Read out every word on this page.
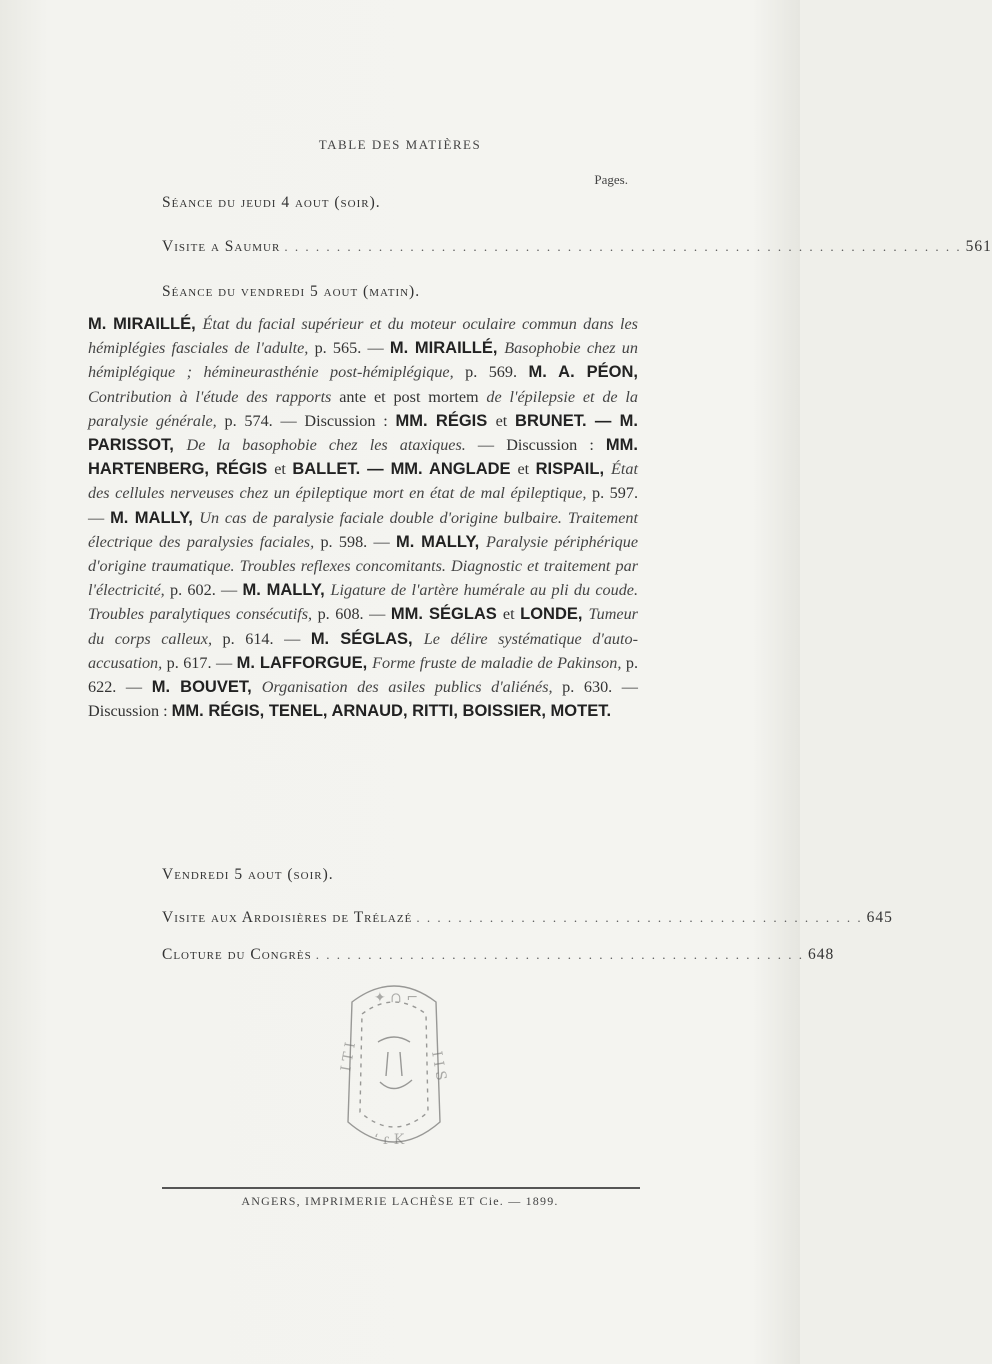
TABLE DES MATIÈRES
Pages.
Séance du jeudi 4 aout (soir).
Visite a Saumur . . . . . . . . . . . . . . . . . . . . . . . . . . . . . . . . . . . . . . . . . . . . . . . . . . . . . . . . . . . . . . . . . 561
Séance du vendredi 5 aout (matin).
M. MIRAILLÉ, État du facial supérieur et du moteur oculaire commun dans les hémiplégies fasciales de l'adulte, p. 565. — M. MIRAILLÉ, Basophobie chez un hémiplégique ; hémineurasthénie post-hémiplégique, p. 569. M. A. PÉON, Contribution à l'étude des rapports ante et post mortem de l'épilepsie et de la paralysie générale, p. 574. — Discussion : MM. RÉGIS et BRUNET. — M. PARISSOT, De la basophobie chez les ataxiques. — Discussion : MM. HARTENBERG, RÉGIS et BALLET. — MM. ANGLADE et RISPAIL, État des cellules nerveuses chez un épileptique mort en état de mal épileptique, p. 597. — M. MALLY, Un cas de paralysie faciale double d'origine bulbaire. Traitement électrique des paralysies faciales, p. 598. — M. MALLY, Paralysie périphérique d'origine traumatique. Troubles reflexes concomitants. Diagnostic et traitement par l'électricité, p. 602. — M. MALLY, Ligature de l'artère humérale au pli du coude. Troubles paralytiques consécutifs, p. 608. — MM. SÉGLAS et LONDE, Tumeur du corps calleux, p. 614. — M. SÉGLAS, Le délire systématique d'auto-accusation, p. 617. — M. LAFFORGUE, Forme fruste de maladie de Pakinson, p. 622. — M. BOUVET, Organisation des asiles publics d'aliénés, p. 630. — Discussion : MM. RÉGIS, TENEL, ARNAUD, RITTI, BOISSIER, MOTET.
Vendredi 5 aout (soir).
Visite aux Ardoisières de Trélazé . . . . . . . . . . . . . . . . . . . . . . . . . . . . . . . . . . . . . . . . . . . 645
Cloture du Congrès . . . . . . . . . . . . . . . . . . . . . . . . . . . . . . . . . . . . . . . . . . . . . . . 648
✦ ∩ ⌐
I T I	I I S
ʻ ɾ K
ANGERS, IMPRIMERIE LACHÈSE ET Cie. — 1899.
